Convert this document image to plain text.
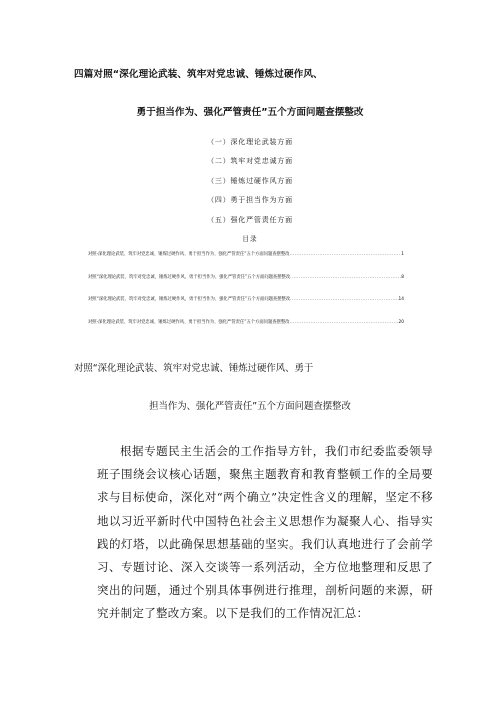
四篇对照“深化理论武装、筑牢对党忠诚、锤炼过硬作风、
勇于担当作为、强化严管责任”五个方面问题查摆整改
（一）深化理论武装方面
（二）筑牢对党忠诚方面
（三）锤炼过硬作风方面
（四）勇于担当作为方面
（五）强化严管责任方面
目录
对照-深化理论武装、筑牢对党忠诚、锤煤过硬作风、勇于担当作为、强化严管责任”五个方面问题查摆整改 .....	1
对照“深化理论武装、筑牢对党忠诚、锤炼过硬作风、勇于担当作为、强化严管责任”五个方面问题查摆整改 .....	8
对照“深化理论武装、筑牢对党忠诚、锤炼过硬作风、勇于担当作为、强化严管责任”五个方面问题查摆整改 .....	14
对照-深化理论武装、筑牢对党忠诚、锤炼过硬作风、勇于担当作为、强化严管责任”五个方面问题查摆整改 .....	20
对照“深化理论武装、筑牢对党忠诚、锤炼过硬作风、勇于
担当作为、强化严管责任”五个方面问题查摆整改
根据专题民主生活会的工作指导方针，我们市纪委监委领导班子围绕会议核心话题，聚焦主题教育和教育整顿工作的全局要求与目标使命，深化对“两个确立”决定性含义的理解，坚定不移地以习近平新时代中国特色社会主义思想作为凝聚人心、指导实践的灯塔，以此确保思想基础的坚实。我们认真地进行了会前学习、专题讨论、深入交谈等一系列活动，全方位地整理和反思了突出的问题，通过个别具体事例进行推理，剖析问题的来源，研究并制定了整改方案。以下是我们的工作情况汇总：
